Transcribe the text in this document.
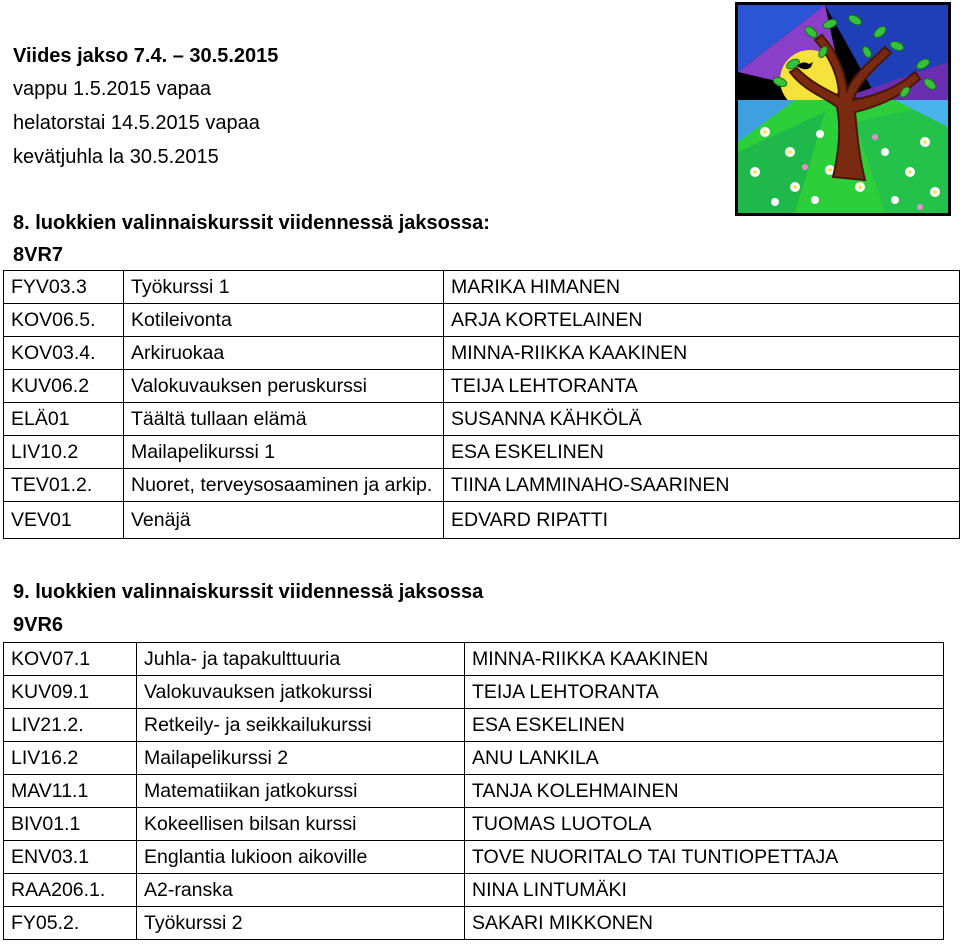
Viides jakso 7.4. – 30.5.2015
vappu 1.5.2015 vapaa
helatorstai 14.5.2015 vapaa
kevätjuhla la 30.5.2015
8. luokkien valinnaiskurssit viidennessä jaksossa:
8VR7
FYV03.3	Työkurssi 1	MARIKA HIMANEN
KOV06.5.	Kotileivonta	ARJA KORTELAINEN
KOV03.4.	Arkiruokaa	MINNA-RIIKKA KAAKINEN
KUV06.2	Valokuvauksen peruskurssi	TEIJA LEHTORANTA
ELÄ01	Täältä tullaan elämä	SUSANNA KÄHKÖLÄ
LIV10.2	Mailapelikurssi 1	ESA ESKELINEN
TEV01.2.	Nuoret, terveysosaaminen ja arkip.	TIINA LAMMINAHO-SAARINEN
VEV01	Venäjä	EDVARD RIPATTI
9. luokkien valinnaiskurssit viidennessä jaksossa
9VR6
KOV07.1	Juhla- ja tapakulttuuria	MINNA-RIIKKA KAAKINEN
KUV09.1	Valokuvauksen jatkokurssi	TEIJA LEHTORANTA
LIV21.2.	Retkeily- ja seikkailukurssi	ESA ESKELINEN
LIV16.2	Mailapelikurssi 2	ANU LANKILA
MAV11.1	Matematiikan jatkokurssi	TANJA KOLEHMAINEN
BIV01.1	Kokeellisen bilsan kurssi	TUOMAS LUOTOLA
ENV03.1	Englantia lukioon aikoville	TOVE NUORITALO TAI TUNTIOPETTAJA
RAA206.1.	A2-ranska	NINA LINTUMÄKI
FY05.2.	Työkurssi 2	SAKARI MIKKONEN
